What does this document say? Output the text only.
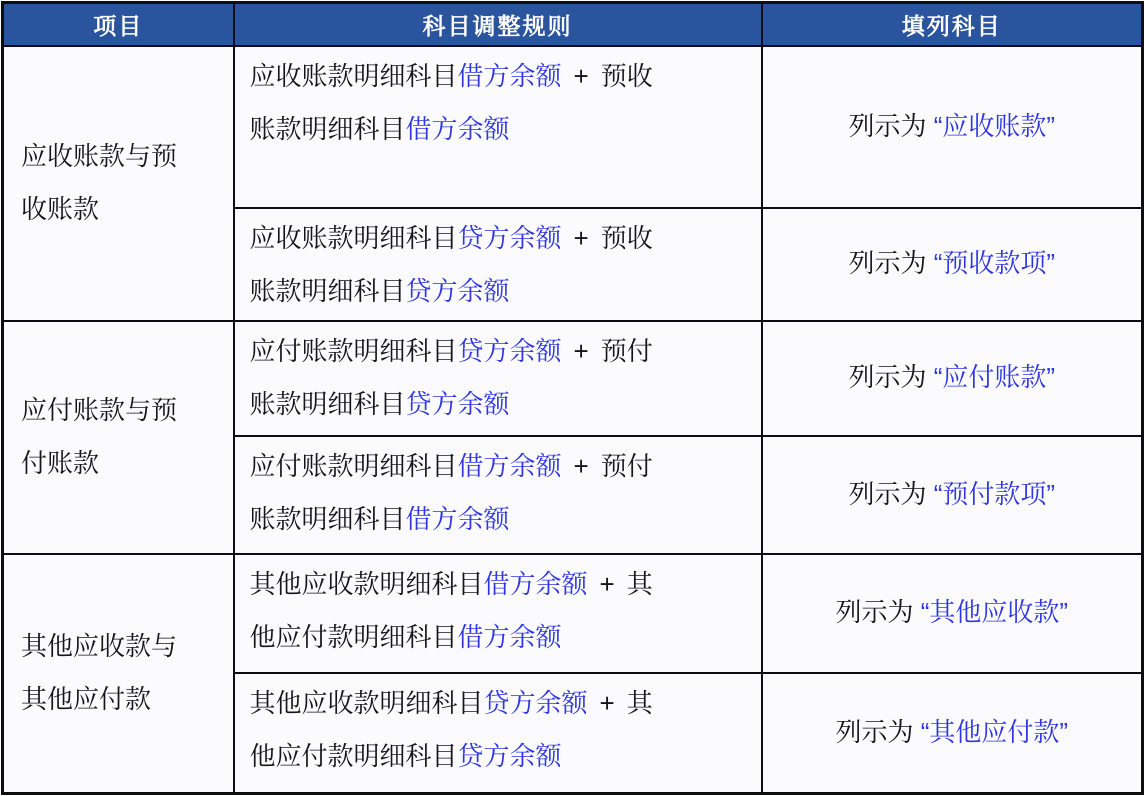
项目	科目调整规则	填列科目

应收账款与预收账款	应收账款明细科目借方余额 + 预收账款明细科目借方余额	列示为 “应收账款”

	应收账款明细科目贷方余额 + 预收账款明细科目贷方余额	列示为 “预收款项”

应付账款与预付账款	应付账款明细科目贷方余额 + 预付账款明细科目贷方余额	列示为 “应付账款”

	应付账款明细科目借方余额 + 预付账款明细科目借方余额	列示为 “预付款项”

其他应收款与其他应付款	其他应收款明细科目借方余额 + 其他应付款明细科目借方余额	列示为 “其他应收款”

	其他应收款明细科目贷方余额 + 其他应付款明细科目贷方余额	列示为 “其他应付款”
